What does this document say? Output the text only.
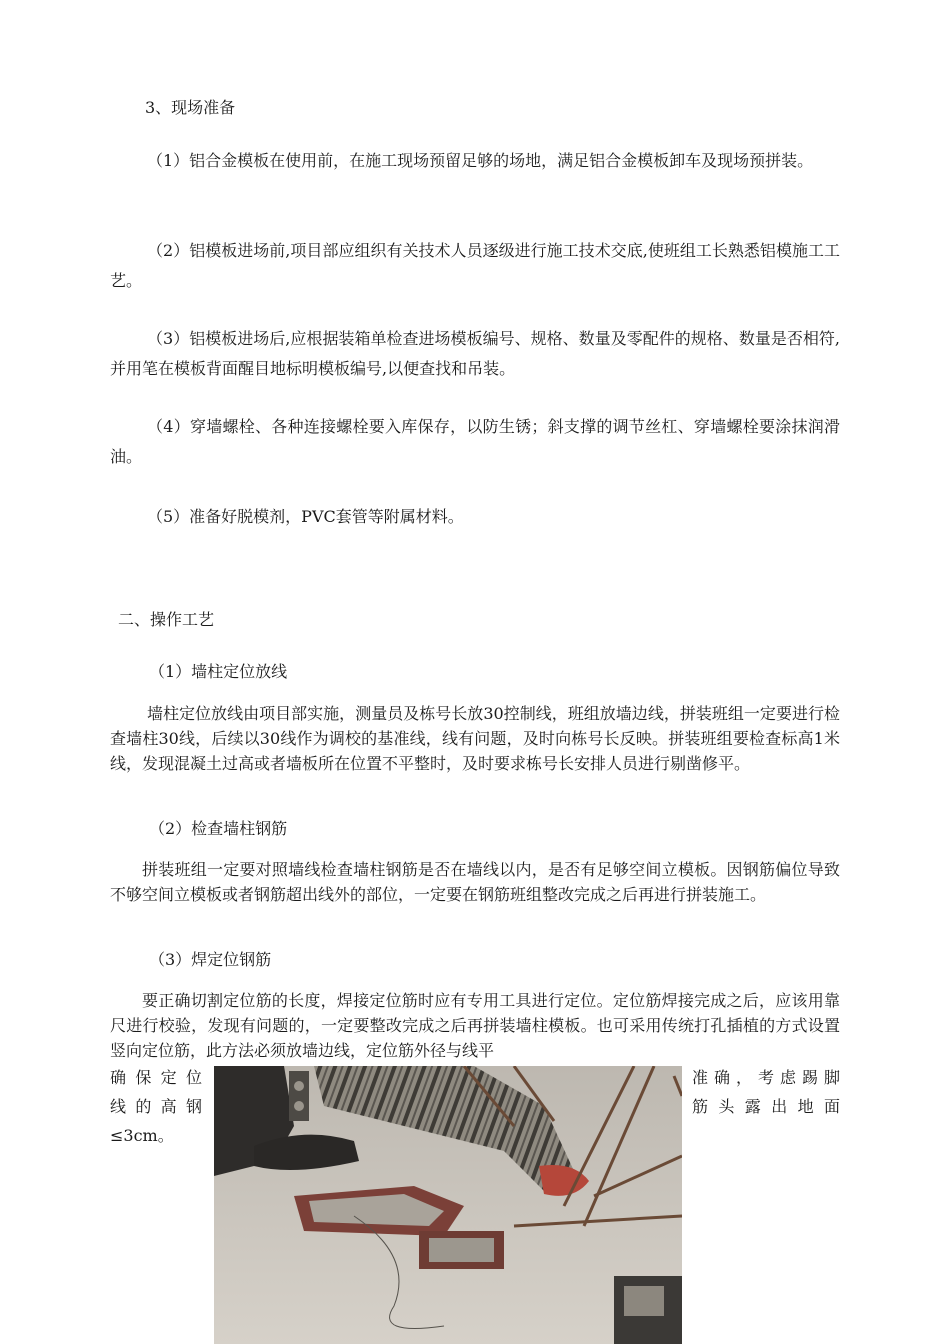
3、现场准备

（1）铝合金模板在使用前，在施工现场预留足够的场地，满足铝合金模板卸车及现场预拼装。

（2）铝模板进场前,项目部应组织有关技术人员逐级进行施工技术交底,使班组工长熟悉铝模施工工艺。

（3）铝模板进场后,应根据装箱单检查进场模板编号、规格、数量及零配件的规格、数量是否相符,并用笔在模板背面醒目地标明模板编号,以便查找和吊装。

（4）穿墙螺栓、各种连接螺栓要入库保存，以防生锈；斜支撑的调节丝杠、穿墙螺栓要涂抹润滑油。

（5）准备好脱模剂，PVC套管等附属材料。

二、操作工艺

（1）墙柱定位放线

墙柱定位放线由项目部实施，测量员及栋号长放30控制线，班组放墙边线，拼装班组一定要进行检查墙柱30线，后续以30线作为调校的基准线，线有问题，及时向栋号长反映。拼装班组要检查标高1米线，发现混凝土过高或者墙板所在位置不平整时，及时要求栋号长安排人员进行剔凿修平。

（2）检查墙柱钢筋

拼装班组一定要对照墙线检查墙柱钢筋是否在墙线以内，是否有足够空间立模板。因钢筋偏位导致不够空间立模板或者钢筋超出线外的部位，一定要在钢筋班组整改完成之后再进行拼装施工。

（3）焊定位钢筋

要正确切割定位筋的长度，焊接定位筋时应有专用工具进行定位。定位筋焊接完成之后，应该用靠尺进行校验，发现有问题的，一定要整改完成之后再拼装墙柱模板。也可采用传统打孔插植的方式设置竖向定位筋，此方法必须放墙边线，定位筋外径与线平

确保定位
线的高钢
≤3cm。
准确，考虑踢脚
筋头露出地面
